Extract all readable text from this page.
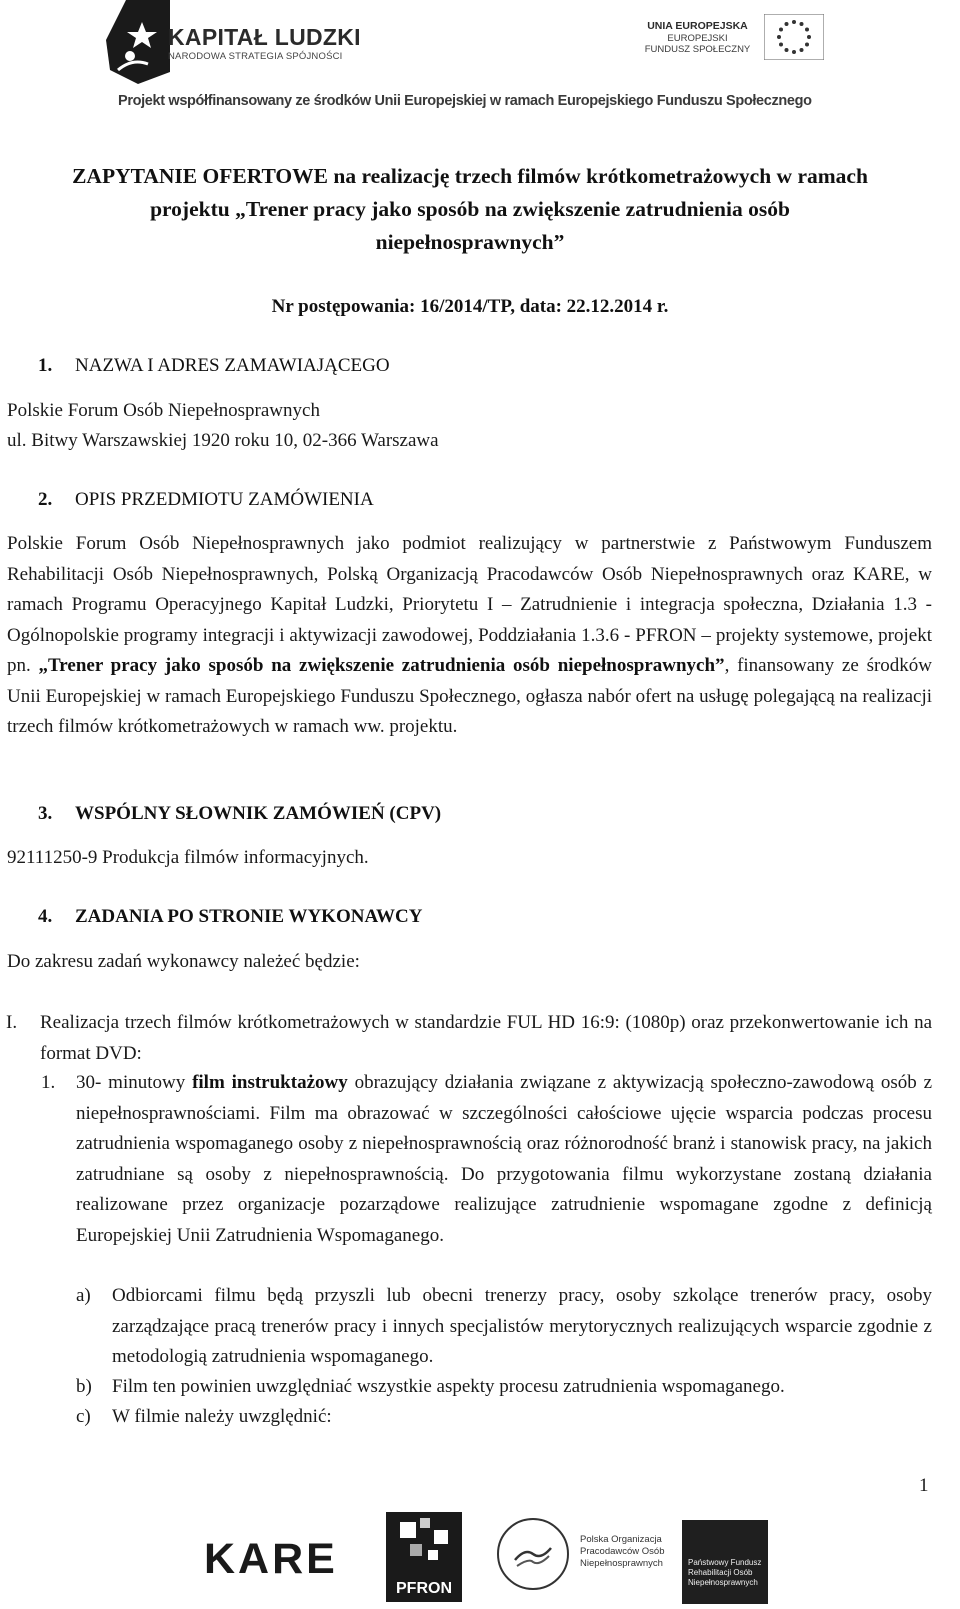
KAPITAŁ LUDZKI
NARODOWA STRATEGIA SPÓJNOŚCI
UNIA EUROPEJSKA
EUROPEJSKI
FUNDUSZ SPOŁECZNY
Projekt współfinansowany ze środków Unii Europejskiej w ramach Europejskiego Funduszu Społecznego
ZAPYTANIE OFERTOWE na realizację trzech filmów krótkometrażowych w ramach
projektu „Trener pracy jako sposób na zwiększenie zatrudnienia osób
niepełnosprawnych”
Nr postępowania: 16/2014/TP, data: 22.12.2014 r.
1. NAZWA I ADRES ZAMAWIAJĄCEGO
Polskie Forum Osób Niepełnosprawnych
ul. Bitwy Warszawskiej 1920 roku 10, 02-366 Warszawa
2. OPIS PRZEDMIOTU ZAMÓWIENIA
Polskie Forum Osób Niepełnosprawnych jako podmiot realizujący w partnerstwie z Państwowym Funduszem Rehabilitacji Osób Niepełnosprawnych, Polską Organizacją Pracodawców Osób Niepełnosprawnych oraz KARE, w ramach Programu Operacyjnego Kapitał Ludzki, Priorytetu I – Zatrudnienie i integracja społeczna, Działania 1.3 - Ogólnopolskie programy integracji i aktywizacji zawodowej, Poddziałania 1.3.6 - PFRON – projekty systemowe, projekt pn. „Trener pracy jako sposób na zwiększenie zatrudnienia osób niepełnosprawnych”, finansowany ze środków Unii Europejskiej w ramach Europejskiego Funduszu Społecznego, ogłasza nabór ofert na usługę polegającą na realizacji trzech filmów krótkometrażowych w ramach ww. projektu.
3. WSPÓLNY SŁOWNIK ZAMÓWIEŃ (CPV)
92111250-9 Produkcja filmów informacyjnych.
4. ZADANIA PO STRONIE WYKONAWCY
Do zakresu zadań wykonawcy należeć będzie:
I. Realizacja trzech filmów krótkometrażowych w standardzie FUL HD 16:9: (1080p) oraz przekonwertowanie ich na format DVD:
1. 30- minutowy film instruktażowy obrazujący działania związane z aktywizacją społeczno-zawodową osób z niepełnosprawnościami. Film ma obrazować w szczególności całościowe ujęcie wsparcia podczas procesu zatrudnienia wspomaganego osoby z niepełnosprawnością oraz różnorodność branż i stanowisk pracy, na jakich zatrudniane są osoby z niepełnosprawnością. Do przygotowania filmu wykorzystane zostaną działania realizowane przez organizacje pozarządowe realizujące zatrudnienie wspomagane zgodne z definicją Europejskiej Unii Zatrudnienia Wspomaganego.
a) Odbiorcami filmu będą przyszli lub obecni trenerzy pracy, osoby szkolące trenerów pracy, osoby zarządzające pracą trenerów pracy i innych specjalistów merytorycznych realizujących wsparcie zgodnie z metodologią zatrudnienia wspomaganego.
b) Film ten powinien uwzględniać wszystkie aspekty procesu zatrudnienia wspomaganego.
c) W filmie należy uwzględnić:
1
KARE
PFRON
Polska Organizacja
Pracodawców Osób
Niepełnosprawnych	Państwowy Fundusz
Rehabilitacji Osób
Niepełnosprawnych
